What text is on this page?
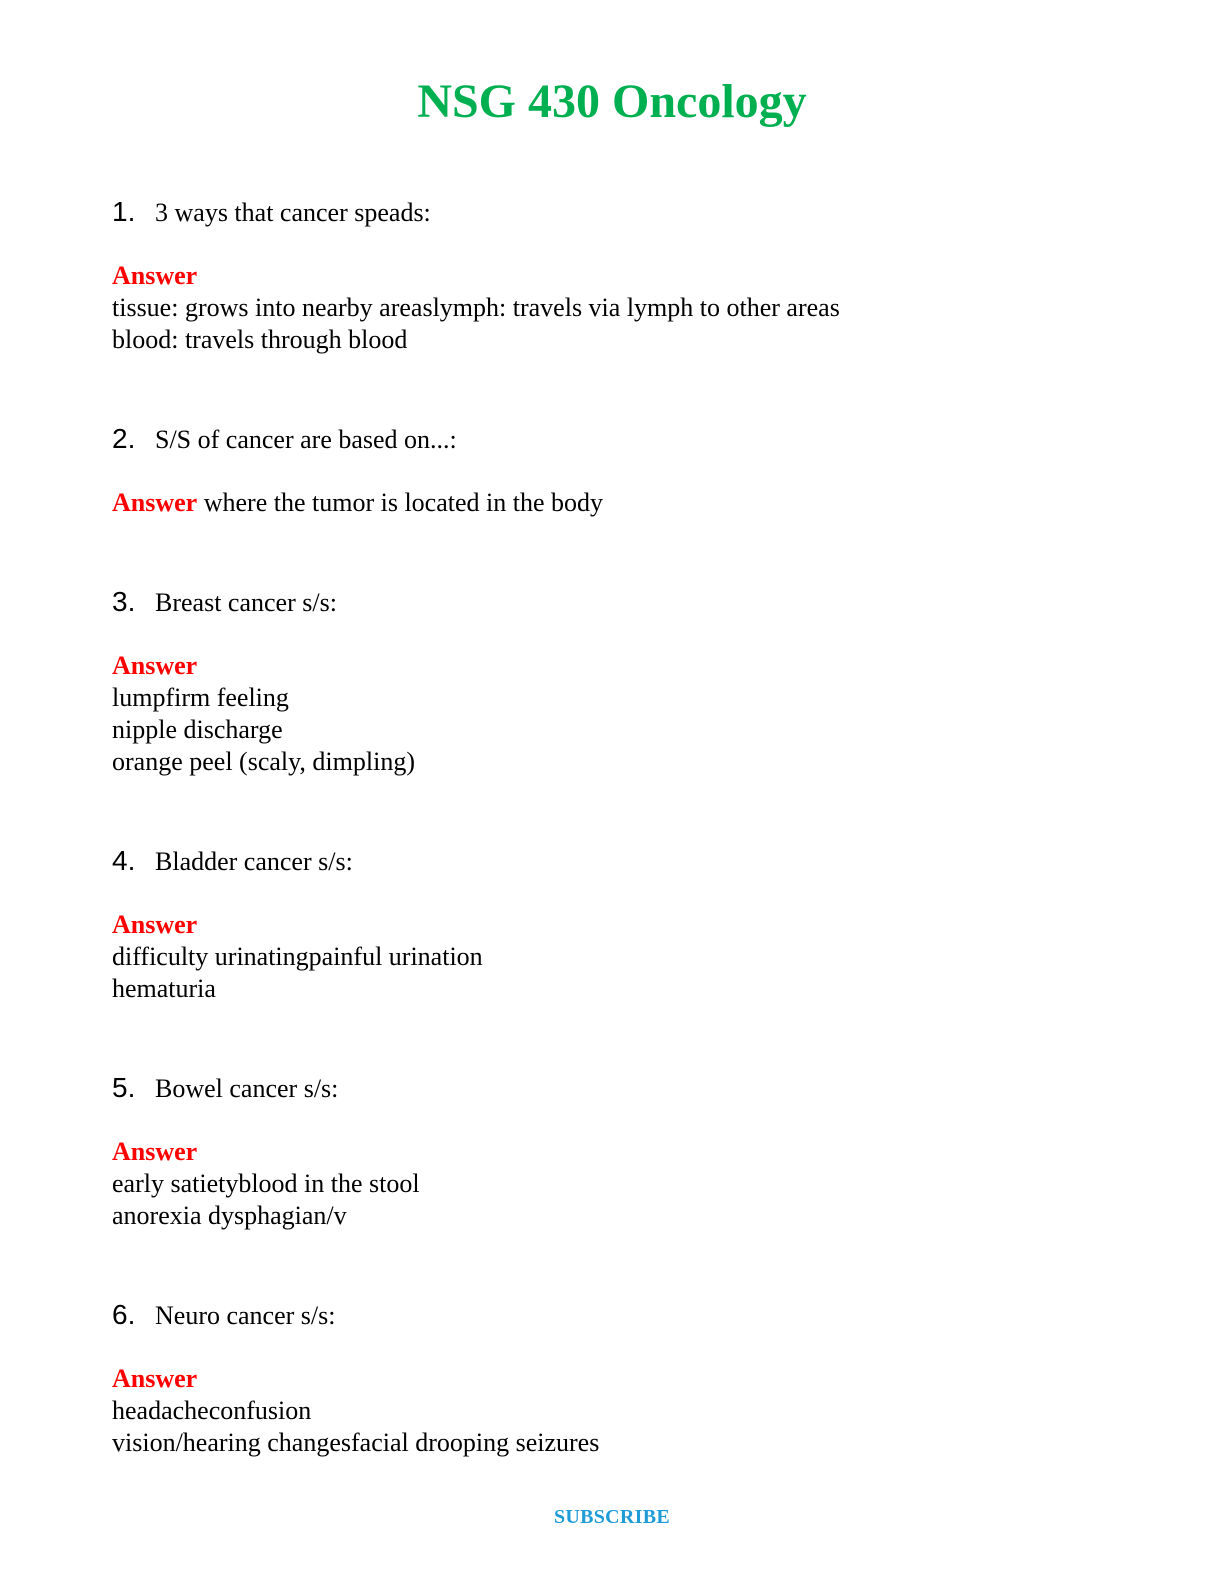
NSG 430 Oncology
1. 3 ways that cancer speads:
Answer
tissue: grows into nearby areaslymph: travels via lymph to other areas
blood: travels through blood
2. S/S of cancer are based on...:
Answer where the tumor is located in the body
3. Breast cancer s/s:
Answer
lumpfirm feeling
nipple discharge
orange peel (scaly, dimpling)
4. Bladder cancer s/s:
Answer
difficulty urinatingpainful urination
hematuria
5. Bowel cancer s/s:
Answer
early satietyblood in the stool
anorexia dysphagian/v
6. Neuro cancer s/s:
Answer
headacheconfusion
vision/hearing changesfacial drooping seizures
SUBSCRIBE
